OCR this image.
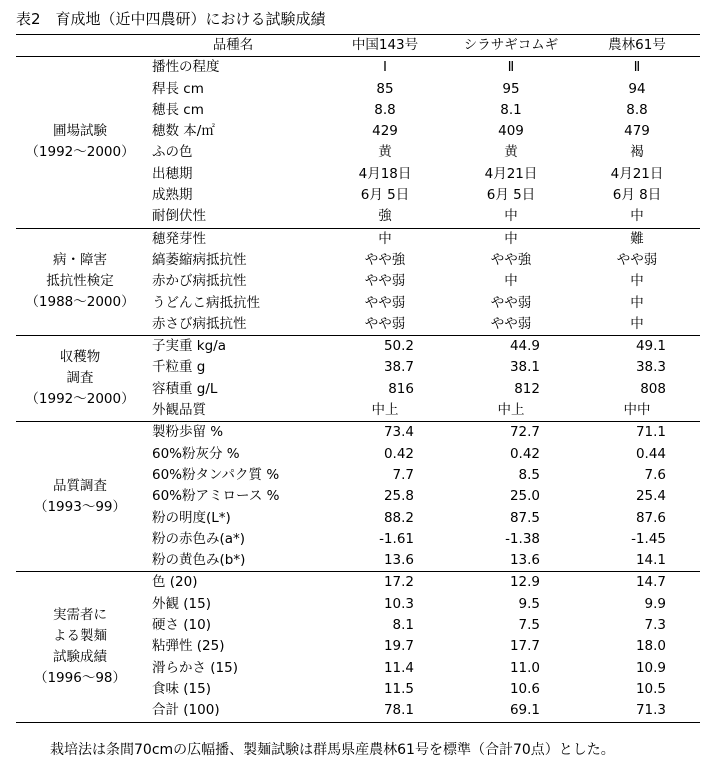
表2　育成地（近中四農研）における試験成績
	品種名	中国143号	シラサギコムギ	農林61号

圃場試験
（1992〜2000）	播性の程度	Ⅰ	Ⅱ	Ⅱ
	稈長 cm	85	95	94
	穂長 cm	8.8	8.1	8.8
	穂数 本/㎡	429	409	479
	ふの色	黄	黄	褐
	出穂期	4月18日	4月21日	4月21日
	成熟期	6月 5日	6月 5日	6月 8日
	耐倒伏性	強	中	中

病・障害
抵抗性検定
（1988〜2000）	穂発芽性	中	中	難
	縞萎縮病抵抗性	やや強	やや強	やや弱
	赤かび病抵抗性	やや弱	中	中
	うどんこ病抵抗性	やや弱	やや弱	中
	赤さび病抵抗性	やや弱	やや弱	中

収穫物
調査
（1992〜2000）	子実重 kg/a	50.2	44.9	49.1
	千粒重 g	38.7	38.1	38.3
	容積重 g/L	816	812	808
	外観品質	中上	中上	中中

品質調査
（1993〜99）	製粉歩留 %	73.4	72.7	71.1
	60%粉灰分 %	0.42	0.42	0.44
	60%粉タンパク質 %	7.7	8.5	7.6
	60%粉アミロース %	25.8	25.0	25.4
	粉の明度(L*)	88.2	87.5	87.6
	粉の赤色み(a*)	-1.61	-1.38	-1.45
	粉の黄色み(b*)	13.6	13.6	14.1

実需者に
よる製麺
試験成績
（1996〜98）	色 (20)	17.2	12.9	14.7
	外観 (15)	10.3	9.5	9.9
	硬さ (10)	8.1	7.5	7.3
	粘弾性 (25)	19.7	17.7	18.0
	滑らかさ (15)	11.4	11.0	10.9
	食味 (15)	11.5	10.6	10.5
	合計 (100)	78.1	69.1	71.3
栽培法は条間70cmの広幅播、製麺試験は群馬県産農林61号を標準（合計70点）とした。
